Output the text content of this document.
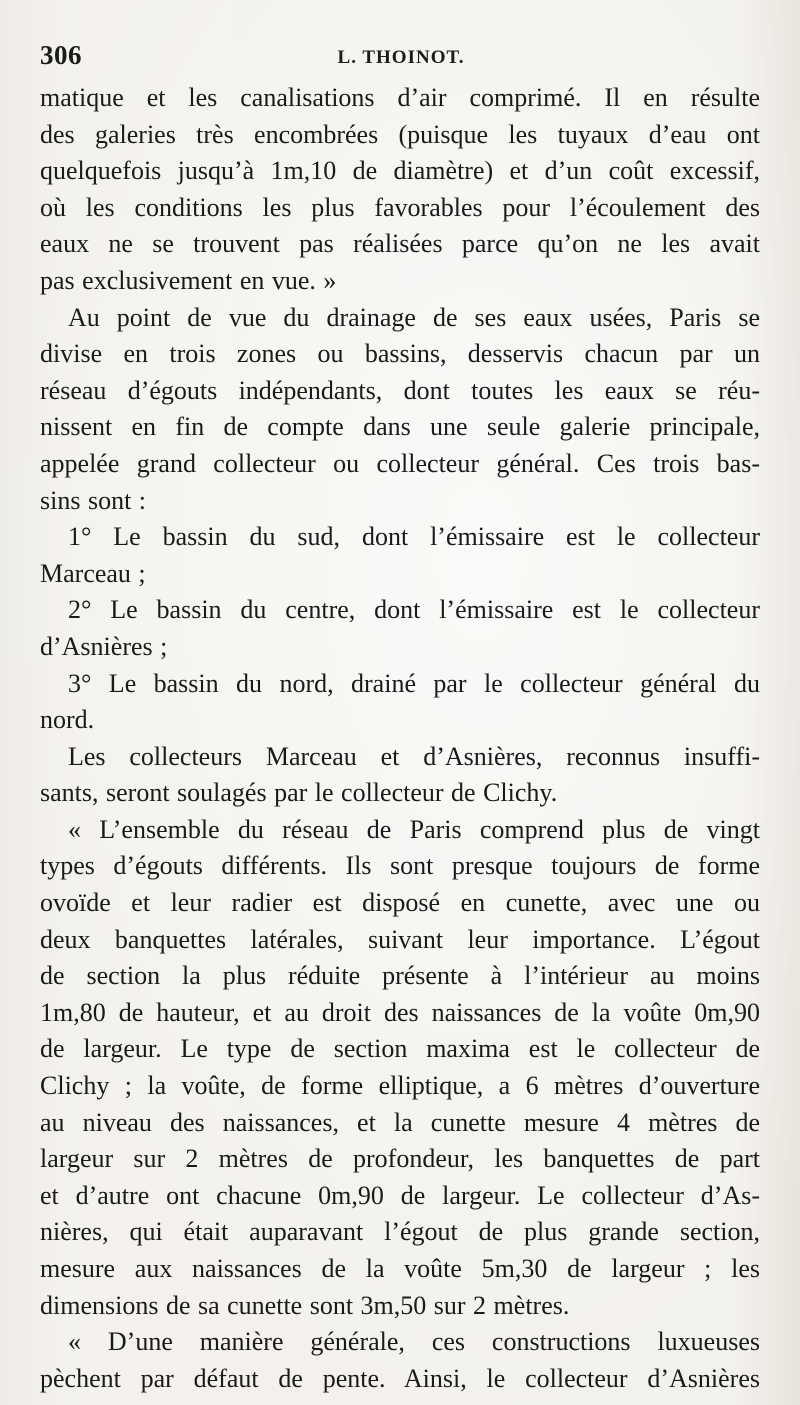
306	L. THOINOT.
matique et les canalisations d’air comprimé. Il en résulte
des galeries très encombrées (puisque les tuyaux d’eau ont
quelquefois jusqu’à 1m,10 de diamètre) et d’un coût excessif,
où les conditions les plus favorables pour l’écoulement des
eaux ne se trouvent pas réalisées parce qu’on ne les avait
pas exclusivement en vue. »
Au point de vue du drainage de ses eaux usées, Paris se
divise en trois zones ou bassins, desservis chacun par un
réseau d’égouts indépendants, dont toutes les eaux se réu-
nissent en fin de compte dans une seule galerie principale,
appelée grand collecteur ou collecteur général. Ces trois bas-
sins sont :
1° Le bassin du sud, dont l’émissaire est le collecteur
Marceau ;
2° Le bassin du centre, dont l’émissaire est le collecteur
d’Asnières ;
3° Le bassin du nord, drainé par le collecteur général du
nord.
Les collecteurs Marceau et d’Asnières, reconnus insuffi-
sants, seront soulagés par le collecteur de Clichy.
« L’ensemble du réseau de Paris comprend plus de vingt
types d’égouts différents. Ils sont presque toujours de forme
ovoïde et leur radier est disposé en cunette, avec une ou
deux banquettes latérales, suivant leur importance. L’égout
de section la plus réduite présente à l’intérieur au moins
1m,80 de hauteur, et au droit des naissances de la voûte 0m,90
de largeur. Le type de section maxima est le collecteur de
Clichy ; la voûte, de forme elliptique, a 6 mètres d’ouverture
au niveau des naissances, et la cunette mesure 4 mètres de
largeur sur 2 mètres de profondeur, les banquettes de part
et d’autre ont chacune 0m,90 de largeur. Le collecteur d’As-
nières, qui était auparavant l’égout de plus grande section,
mesure aux naissances de la voûte 5m,30 de largeur ; les
dimensions de sa cunette sont 3m,50 sur 2 mètres.
« D’une manière générale, ces constructions luxueuses
pèchent par défaut de pente. Ainsi, le collecteur d’Asnières
